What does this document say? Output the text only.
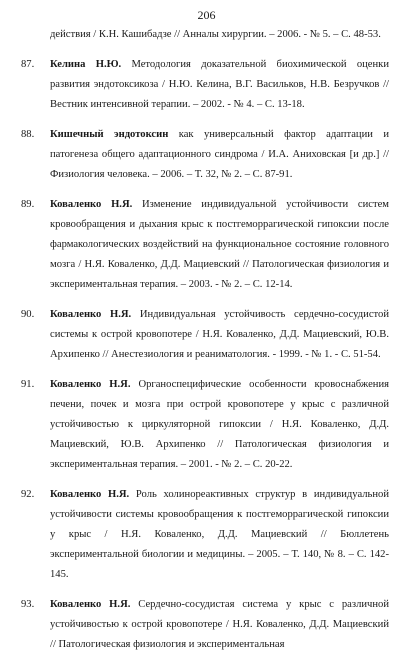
206
действия / К.Н. Кашибадзе // Анналы хирургии. – 2006. - № 5. – С. 48-53.
87. Келина Н.Ю. Методология доказательной биохимической оценки развития эндотоксикоза / Н.Ю. Келина, В.Г. Васильков, Н.В. Безручков // Вестник интенсивной терапии. – 2002. - № 4. – С. 13-18.
88. Кишечный эндотоксин как универсальный фактор адаптации и патогенеза общего адаптационного синдрома / И.А. Аниховская [и др.] // Физиология человека. – 2006. – Т. 32, № 2. – С. 87-91.
89. Коваленко Н.Я. Изменение индивидуальной устойчивости систем кровообращения и дыхания крыс к постгеморрагической гипоксии после фармакологических воздействий на функциональное состояние головного мозга / Н.Я. Коваленко, Д.Д. Мациевский // Патологическая физиология и экспериментальная терапия. – 2003. - № 2. – С. 12-14.
90. Коваленко Н.Я. Индивидуальная устойчивость сердечно-сосудистой системы к острой кровопотере / Н.Я. Коваленко, Д.Д. Мациевский, Ю.В. Архипенко // Анестезиология и реаниматология. - 1999. - № 1. - С. 51-54.
91. Коваленко Н.Я. Органоспецифические особенности кровоснабжения печени, почек и мозга при острой кровопотере у крыс с различной устойчивостью к циркуляторной гипоксии / Н.Я. Коваленко, Д.Д. Мациевский, Ю.В. Архипенко // Патологическая физиология и экспериментальная терапия. – 2001. - № 2. – С. 20-22.
92. Коваленко Н.Я. Роль холинореактивных структур в индивидуальной устойчивости системы кровообращения к постгеморрагической гипоксии у крыс / Н.Я. Коваленко, Д.Д. Мациевский // Бюллетень экспериментальной биологии и медицины. – 2005. – Т. 140, № 8. – С. 142-145.
93. Коваленко Н.Я. Сердечно-сосудистая система у крыс с различной устойчивостью к острой кровопотере / Н.Я. Коваленко, Д.Д. Мациевский // Патологическая физиология и экспериментальная
